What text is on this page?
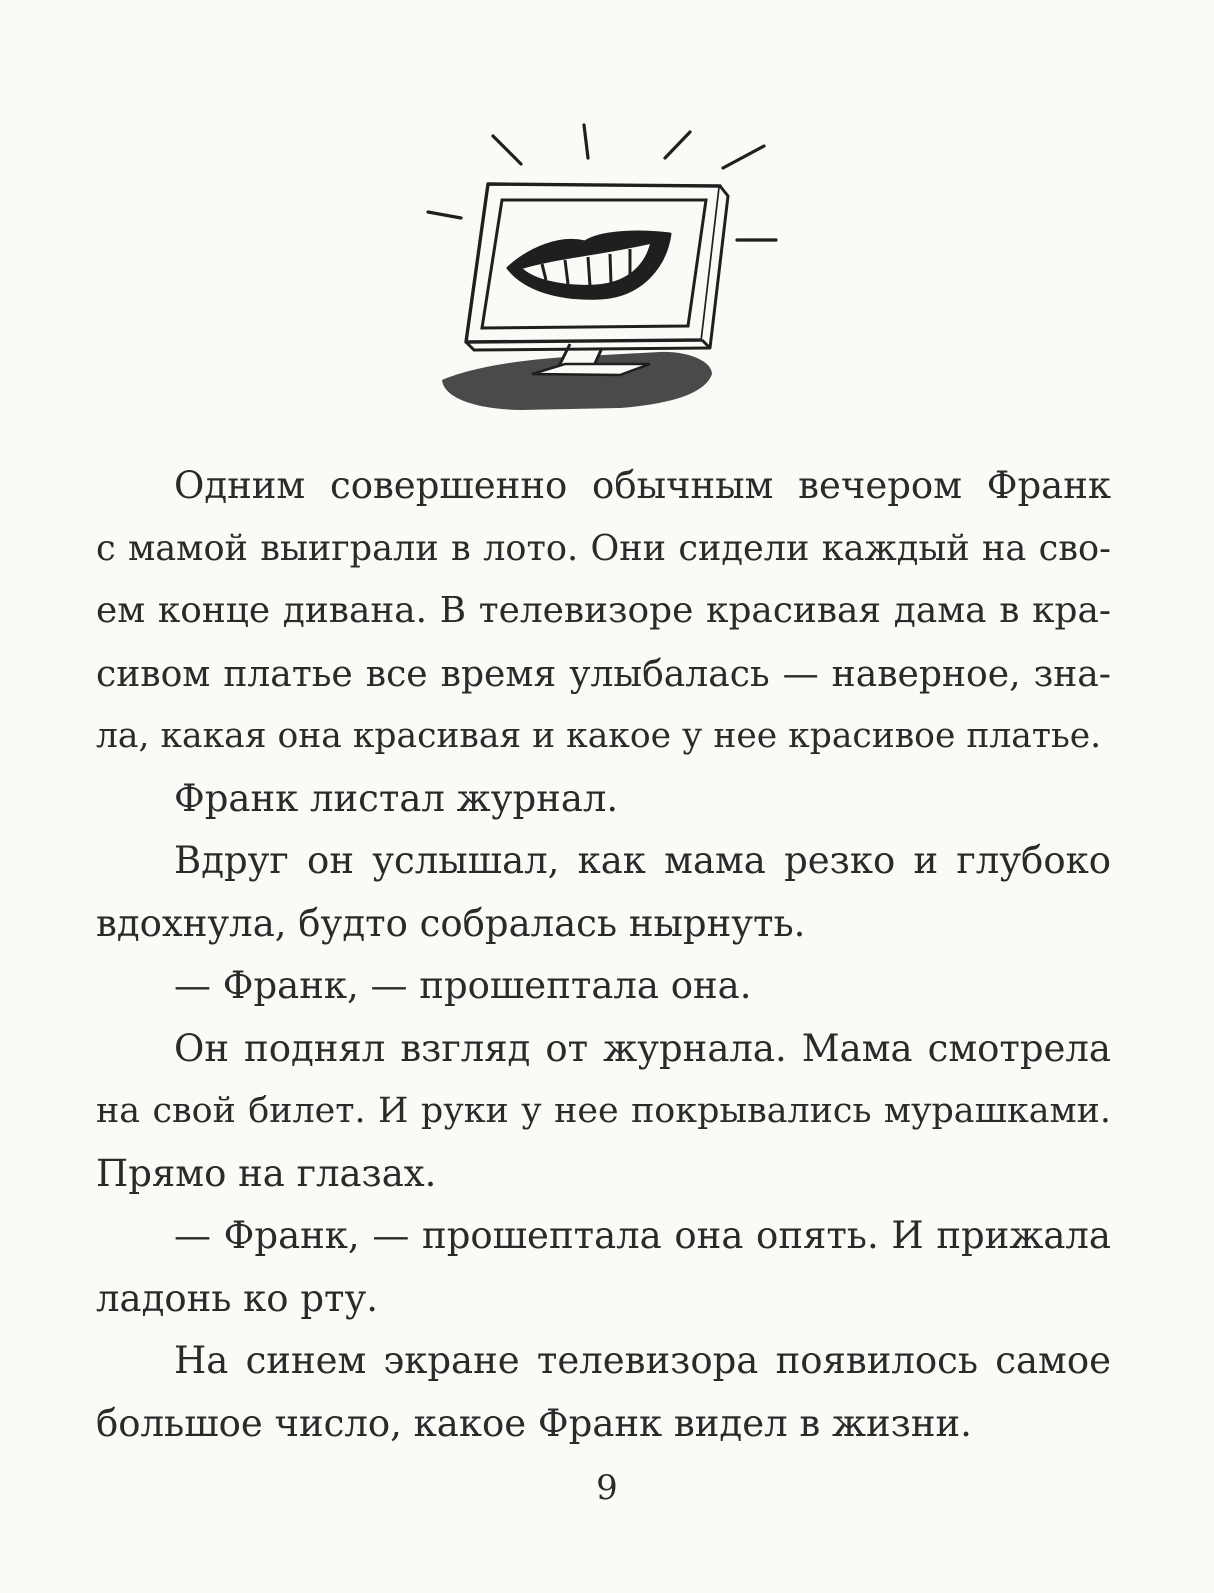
Одним совершенно обычным вечером Франк
с мамой выиграли в лото. Они сидели каждый на сво-
ем конце дивана. В телевизоре красивая дама в кра-
сивом платье все время улыбалась — наверное, зна-
ла, какая она красивая и какое у нее красивое платье.

Франк листал журнал.

Вдруг он услышал, как мама резко и глубоко
вдохнула, будто собралась нырнуть.

— Франк, — прошептала она.

Он поднял взгляд от журнала. Мама смотрела
на свой билет. И руки у нее покрывались мурашками.
Прямо на глазах.

— Франк, — прошептала она опять. И прижала
ладонь ко рту.

На синем экране телевизора появилось самое
большое число, какое Франк видел в жизни.

9
